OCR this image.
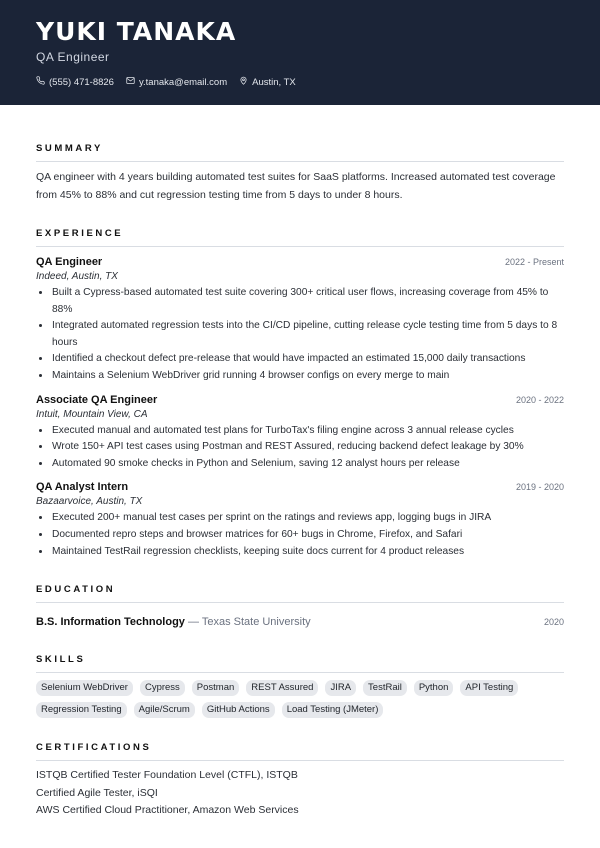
YUKI TANAKA
QA Engineer
(555) 471-8826	y.tanaka@email.com	Austin, TX
SUMMARY
QA engineer with 4 years building automated test suites for SaaS platforms. Increased automated test coverage from 45% to 88% and cut regression testing time from 5 days to under 8 hours.
EXPERIENCE
QA Engineer	2022 - Present
Indeed, Austin, TX
• Built a Cypress-based automated test suite covering 300+ critical user flows, increasing coverage from 45% to 88%
• Integrated automated regression tests into the CI/CD pipeline, cutting release cycle testing time from 5 days to 8 hours
• Identified a checkout defect pre-release that would have impacted an estimated 15,000 daily transactions
• Maintains a Selenium WebDriver grid running 4 browser configs on every merge to main
Associate QA Engineer	2020 - 2022
Intuit, Mountain View, CA
• Executed manual and automated test plans for TurboTax's filing engine across 3 annual release cycles
• Wrote 150+ API test cases using Postman and REST Assured, reducing backend defect leakage by 30%
• Automated 90 smoke checks in Python and Selenium, saving 12 analyst hours per release
QA Analyst Intern	2019 - 2020
Bazaarvoice, Austin, TX
• Executed 200+ manual test cases per sprint on the ratings and reviews app, logging bugs in JIRA
• Documented repro steps and browser matrices for 60+ bugs in Chrome, Firefox, and Safari
• Maintained TestRail regression checklists, keeping suite docs current for 4 product releases
EDUCATION
B.S. Information Technology — Texas State University	2020
SKILLS
Selenium WebDriver	Cypress	Postman	REST Assured	JIRA	TestRail	Python	API Testing
Regression Testing	Agile/Scrum	GitHub Actions	Load Testing (JMeter)
CERTIFICATIONS
ISTQB Certified Tester Foundation Level (CTFL), ISTQB
Certified Agile Tester, iSQI
AWS Certified Cloud Practitioner, Amazon Web Services
